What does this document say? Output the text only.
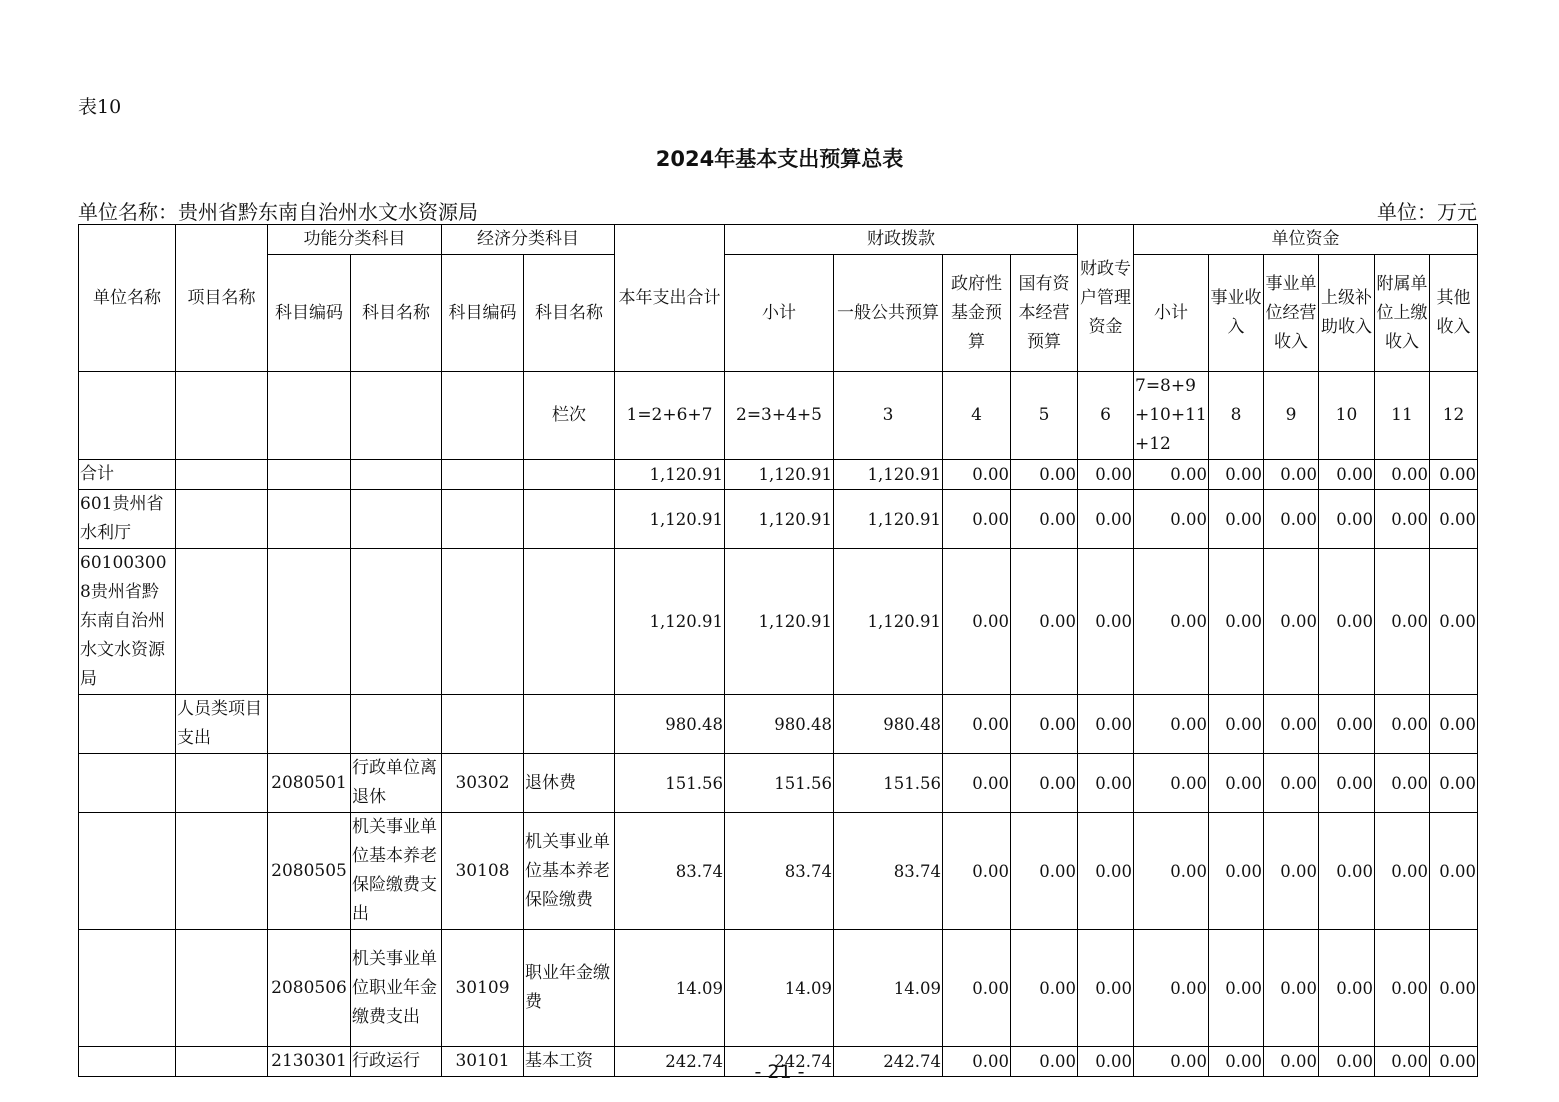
表10
2024年基本支出预算总表
单位名称：贵州省黔东南自治州水文水资源局	单位：万元
单位名称	项目名称	功能分类科目		经济分类科目		本年支出合计	财政拨款				财政专户管理资金	单位资金					
		科目编码	科目名称	科目编码	科目名称		小计	一般公共预算	政府性基金预算	国有资本经营预算		小计	事业收入	事业单位经营收入	上级补助收入	附属单位上缴收入	其他收入
					栏次	1=2+6+7	2=3+4+5	3	4	5	6	7=8+9+10+11+12	8	9	10	11	12
合计						1,120.91	1,120.91	1,120.91	0.00	0.00	0.00	0.00	0.00	0.00	0.00	0.00	0.00
601贵州省水利厅						1,120.91	1,120.91	1,120.91	0.00	0.00	0.00	0.00	0.00	0.00	0.00	0.00	0.00
601003008贵州省黔东南自治州水文水资源局						1,120.91	1,120.91	1,120.91	0.00	0.00	0.00	0.00	0.00	0.00	0.00	0.00	0.00
	人员类项目支出					980.48	980.48	980.48	0.00	0.00	0.00	0.00	0.00	0.00	0.00	0.00	0.00
		2080501	行政单位离退休	30302	退休费	151.56	151.56	151.56	0.00	0.00	0.00	0.00	0.00	0.00	0.00	0.00	0.00
		2080505	机关事业单位基本养老保险缴费支出	30108	机关事业单位基本养老保险缴费	83.74	83.74	83.74	0.00	0.00	0.00	0.00	0.00	0.00	0.00	0.00	0.00
		2080506	机关事业单位职业年金缴费支出	30109	职业年金缴费	14.09	14.09	14.09	0.00	0.00	0.00	0.00	0.00	0.00	0.00	0.00	0.00
		2130301	行政运行	30101	基本工资	242.74	242.74	242.74	0.00	0.00	0.00	0.00	0.00	0.00	0.00	0.00	0.00
- 21 -
